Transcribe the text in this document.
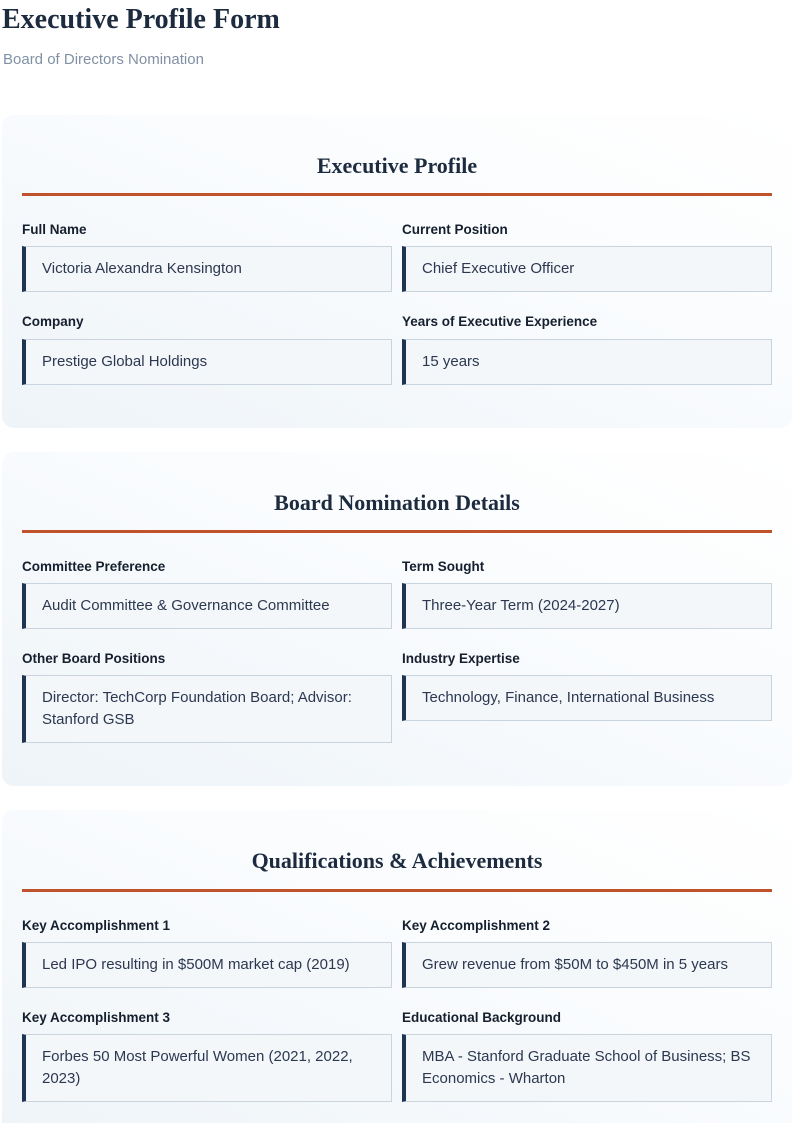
Executive Profile Form

Board of Directors Nomination

Executive Profile
Full Name
Victoria Alexandra Kensington
Current Position
Chief Executive Officer
Company
Prestige Global Holdings
Years of Executive Experience
15 years
Board Nomination Details
Committee Preference
Audit Committee & Governance Committee
Term Sought
Three-Year Term (2024-2027)
Other Board Positions
Director: TechCorp Foundation Board; Advisor: Stanford GSB
Industry Expertise
Technology, Finance, International Business
Qualifications & Achievements
Key Accomplishment 1
Led IPO resulting in $500M market cap (2019)
Key Accomplishment 2
Grew revenue from $50M to $450M in 5 years
Key Accomplishment 3
Forbes 50 Most Powerful Women (2021, 2022, 2023)
Educational Background
MBA - Stanford Graduate School of Business; BS Economics - Wharton
